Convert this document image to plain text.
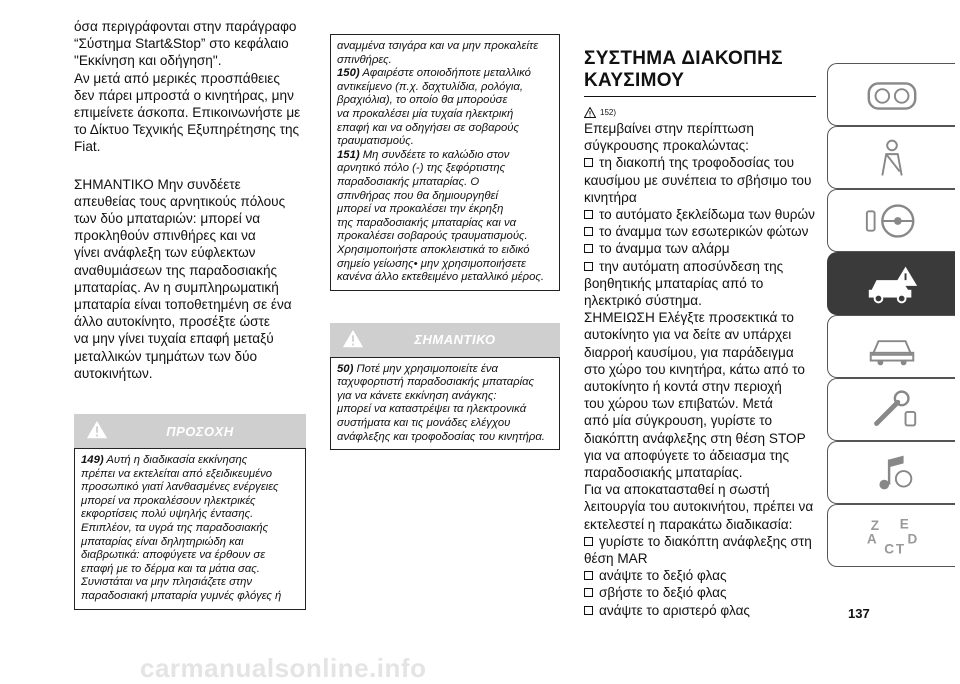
όσα περιγράφονται στην παράγραφο

“Σύστημα Start&Stop” στο κεφάλαιο

"Εκκίνηση και οδήγηση".

Αν μετά από μερικές προσπάθειες

δεν πάρει μπροστά ο κινητήρας, μην

επιμείνετε άσκοπα. Επικοινωνήστε με

το Δίκτυο Τεχνικής Εξυπηρέτησης της

Fiat.

ΣΗΜΑΝΤΙΚΟ Μην συνδέετε

απευθείας τους αρνητικούς πόλους

των δύο μπαταριών: μπορεί να

προκληθούν σπινθήρες και να

γίνει ανάφλεξη των εύφλεκτων

αναθυμιάσεων της παραδοσιακής

μπαταρίας. Αν η συμπληρωματική

μπαταρία είναι τοποθετημένη σε ένα

άλλο αυτοκίνητο, προσέξτε ώστε

να μην γίνει τυχαία επαφή μεταξύ

μεταλλικών τμημάτων των δύο

αυτοκινήτων.

ΠΡΟΣΟΧΗ

149) Αυτή η διαδικασία εκκίνησης

πρέπει να εκτελείται από εξειδικευμένο

προσωπικό γιατί λανθασμένες ενέργειες

μπορεί να προκαλέσουν ηλεκτρικές

εκφορτίσεις πολύ υψηλής έντασης.

Επιπλέον, τα υγρά της παραδοσιακής

μπαταρίας είναι δηλητηριώδη και

διαβρωτικά: αποφύγετε να έρθουν σε

επαφή με το δέρμα και τα μάτια σας.

Συνιστάται να μην πλησιάζετε στην

παραδοσιακή μπαταρία γυμνές φλόγες ή

αναμμένα τσιγάρα και να μην προκαλείτε

σπινθήρες.

150) Αφαιρέστε οποιοδήποτε μεταλλικό

αντικείμενο (π.χ. δαχτυλίδια, ρολόγια,

βραχιόλια), το οποίο θα μπορούσε

να προκαλέσει μία τυχαία ηλεκτρική

επαφή και να οδηγήσει σε σοβαρούς

τραυματισμούς.

151) Μη συνδέετε το καλώδιο στον

αρνητικό πόλο (-) της ξεφόρτιστης

παραδοσιακής μπαταρίας. Ο

σπινθήρας που θα δημιουργηθεί

μπορεί να προκαλέσει την έκρηξη

της παραδοσιακής μπαταρίας και να

προκαλέσει σοβαρούς τραυματισμούς.

Χρησιμοποιήστε αποκλειστικά το ειδικό

σημείο γείωσης• μην χρησιμοποιήσετε

κανένα άλλο εκτεθειμένο μεταλλικό μέρος.

ΣΗΜΑΝΤΙΚΟ

50) Ποτέ μην χρησιμοποιείτε ένα

ταχυφορτιστή παραδοσιακής μπαταρίας

για να κάνετε εκκίνηση ανάγκης:

μπορεί να καταστρέψει τα ηλεκτρονικά

συστήματα και τις μονάδες ελέγχου

ανάφλεξης και τροφοδοσίας του κινητήρα.

ΣΥΣΤΗΜΑ ΔΙΑΚΟΠΗΣ
ΚΑΥΣΙΜΟΥ
152)

Επεμβαίνει στην περίπτωση

σύγκρουσης προκαλώντας:

τη διακοπή της τροφοδοσίας του
καυσίμου με συνέπεια το σβήσιμο του
κινητήρα
το αυτόματο ξεκλείδωμα των θυρών
το άναμμα των εσωτερικών φώτων
το άναμμα των αλάρμ
την αυτόματη αποσύνδεση της
βοηθητικής μπαταρίας από το
ηλεκτρικό σύστημα.

ΣΗΜΕΙΩΣΗ Ελέγξτε προσεκτικά το

αυτοκίνητο για να δείτε αν υπάρχει

διαρροή καυσίμου, για παράδειγμα

στο χώρο του κινητήρα, κάτω από το

αυτοκίνητο ή κοντά στην περιοχή

του χώρου των επιβατών. Μετά

από μία σύγκρουση, γυρίστε το

διακόπτη ανάφλεξης στη θέση STOP

για να αποφύγετε το άδειασμα της

παραδοσιακής μπαταρίας.

Για να αποκατασταθεί η σωστή

λειτουργία του αυτοκινήτου, πρέπει να

εκτελεστεί η παρακάτω διαδικασία:

γυρίστε το διακόπτη ανάφλεξης στη
θέση MAR
ανάψτε το δεξιό φλας
σβήστε το δεξιό φλας
ανάψτε το αριστερό φλας	137
carmanualsonline.info
Z E
A
C T
D
